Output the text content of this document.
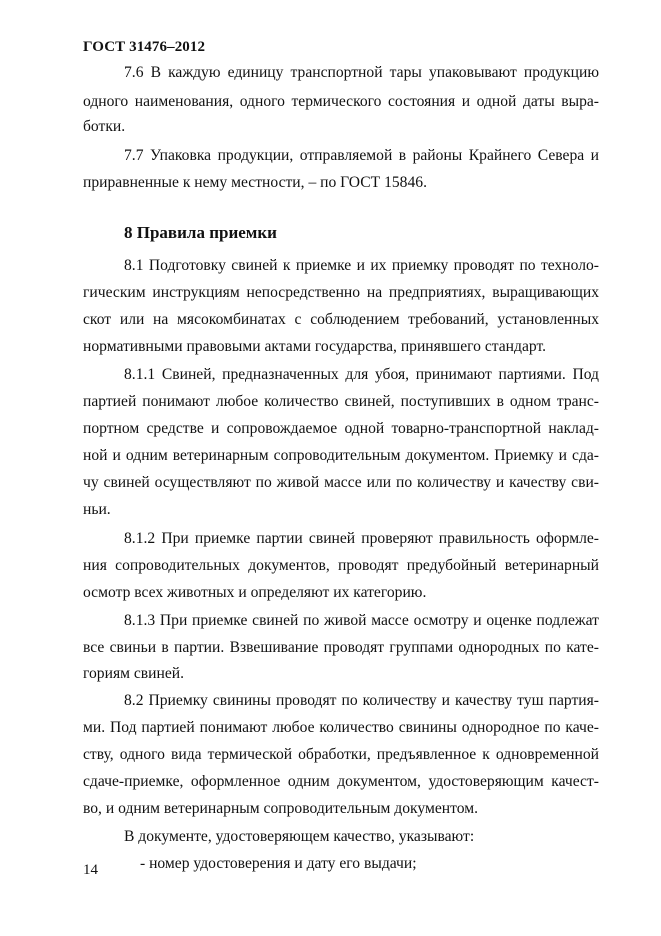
ГОСТ 31476–2012
7.6 В каждую единицу транспортной тары упаковывают продукцию
одного наименования, одного термического состояния и одной даты выра-
ботки.
7.7 Упаковка продукции, отправляемой в районы Крайнего Севера и
приравненные к нему местности, – по ГОСТ 15846.
8 Правила приемки
8.1 Подготовку свиней к приемке и их приемку проводят по техноло-
гическим инструкциям непосредственно на предприятиях, выращивающих
скот или на мясокомбинатах с соблюдением требований, установленных
нормативными правовыми актами государства, принявшего стандарт.
8.1.1 Свиней, предназначенных для убоя, принимают партиями. Под
партией понимают любое количество свиней, поступивших в одном транс-
портном средстве и сопровождаемое одной товарно-транспортной наклад-
ной и одним ветеринарным сопроводительным документом. Приемку и сда-
чу свиней осуществляют по живой массе или по количеству и качеству сви-
ньи.
8.1.2 При приемке партии свиней проверяют правильность оформле-
ния сопроводительных документов, проводят предубойный ветеринарный
осмотр всех животных и определяют их категорию.
8.1.3 При приемке свиней по живой массе осмотру и оценке подлежат
все свиньи в партии. Взвешивание проводят группами однородных по кате-
гориям свиней.
8.2 Приемку свинины проводят по количеству и качеству туш партия-
ми. Под партией понимают любое количество свинины однородное по каче-
ству, одного вида термической обработки, предъявленное к одновременной
сдаче-приемке, оформленное одним документом, удостоверяющим качест-
во, и одним ветеринарным сопроводительным документом.
В документе, удостоверяющем качество, указывают:
- номер удостоверения и дату его выдачи;
14
